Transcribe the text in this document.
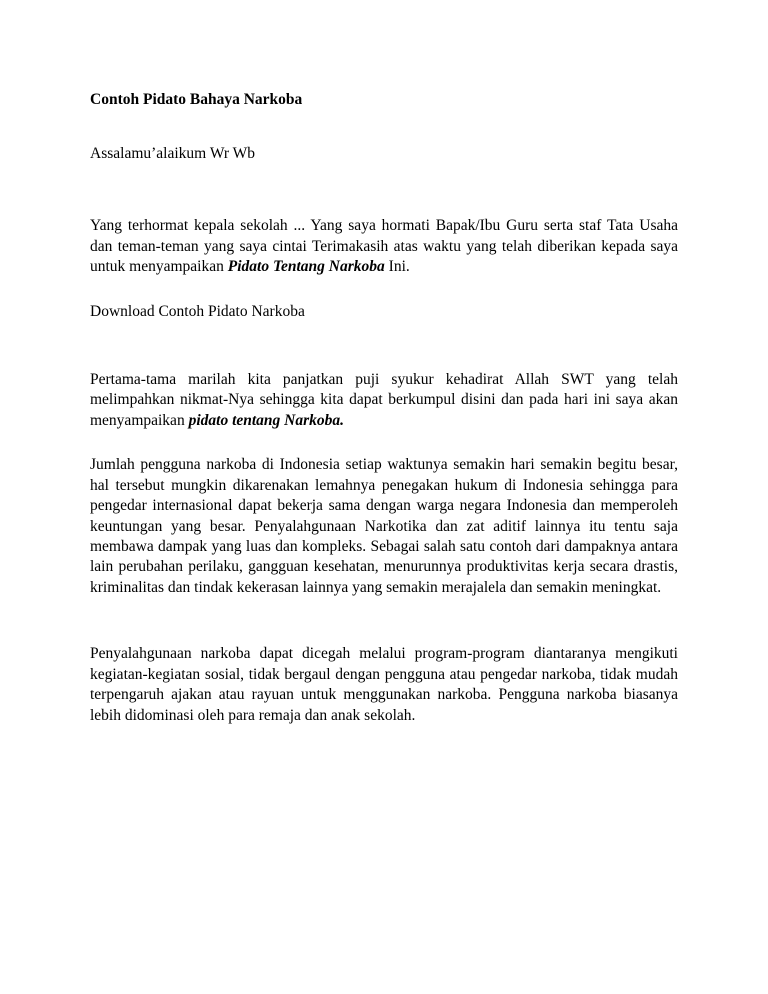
Contoh Pidato Bahaya Narkoba

Assalamu’alaikum Wr Wb

Yang terhormat kepala sekolah ... Yang saya hormati Bapak/Ibu Guru serta staf Tata Usaha dan teman-teman yang saya cintai Terimakasih atas waktu yang telah diberikan kepada saya untuk menyampaikan Pidato Tentang Narkoba Ini.

Download Contoh Pidato Narkoba

Pertama-tama marilah kita panjatkan puji syukur kehadirat Allah SWT yang telah melimpahkan nikmat-Nya sehingga kita dapat berkumpul disini dan pada hari ini saya akan menyampaikan pidato tentang Narkoba.

Jumlah pengguna narkoba di Indonesia setiap waktunya semakin hari semakin begitu besar, hal tersebut mungkin dikarenakan lemahnya penegakan hukum di Indonesia sehingga para pengedar internasional dapat bekerja sama dengan warga negara Indonesia dan memperoleh keuntungan yang besar. Penyalahgunaan Narkotika dan zat aditif lainnya itu tentu saja membawa dampak yang luas dan kompleks. Sebagai salah satu contoh dari dampaknya antara lain perubahan perilaku, gangguan kesehatan, menurunnya produktivitas kerja secara drastis, kriminalitas dan tindak kekerasan lainnya yang semakin merajalela dan semakin meningkat.

Penyalahgunaan narkoba dapat dicegah melalui program-program diantaranya mengikuti kegiatan-kegiatan sosial, tidak bergaul dengan pengguna atau pengedar narkoba, tidak mudah terpengaruh ajakan atau rayuan untuk menggunakan narkoba. Pengguna narkoba biasanya lebih didominasi oleh para remaja dan anak sekolah.
